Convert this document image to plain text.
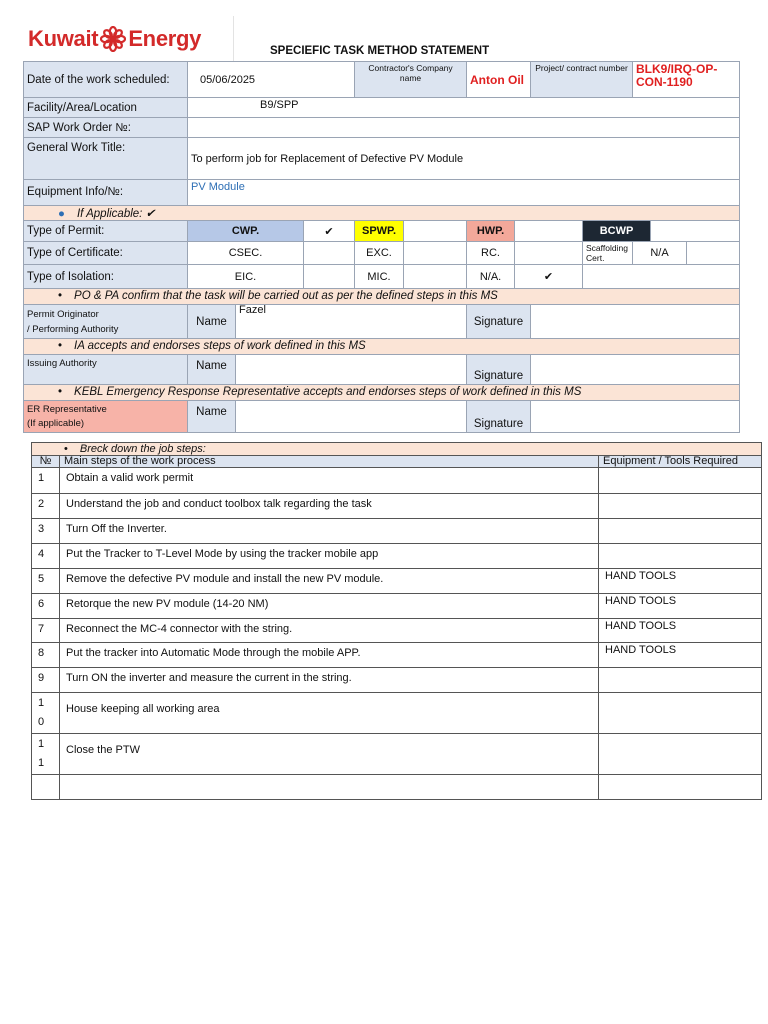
Kuwait Energy	SPECIEFIC TASK METHOD STATEMENT
Date of the work scheduled:	05/06/2025			Contractor's Company name		Anton Oil		Project/ contract number		BLK9/IRQ-OP-CON-1190		
Facility/Area/Location	B9/SPP											
SAP Work Order №:												
General Work Title:	To perform job for Replacement of Defective PV Module											
Equipment Info/№:	PV Module											
● If Applicable: ✔												
Type of Permit:	CWP.		✔	SPWP.		HWP.			BCWP			
Type of Certificate:	CSEC.			EXC.		RC.			Scaffolding Cert.	N/A		
Type of Isolation:	EIC.			MIC.		N/A.	✔					
• PO & PA confirm that the task will be carried out as per the defined steps in this MS												
Permit Originator
/ Performing Authority	Name	Fazel				Signature						
• IA accepts and endorses steps of work defined in this MS												
Issuing Authority	Name					Signature						
• KEBL Emergency Response Representative accepts and endorses steps of work defined in this MS												
ER Representative
(If applicable)	Name					Signature						
• Breck down the job steps:		
№	Main steps of the work process	Equipment / Tools Required
1	Obtain a valid work permit	
2	Understand the job and conduct toolbox talk regarding the task	
3	Turn Off the Inverter.	
4	Put the Tracker to T-Level Mode by using the tracker mobile app	
5	Remove the defective PV module and install the new PV module.	HAND TOOLS
6	Retorque the new PV module (14-20 NM)	HAND TOOLS
7	Reconnect the MC-4 connector with the string.	HAND TOOLS
8	Put the tracker into Automatic Mode through the mobile APP.	HAND TOOLS
9	Turn ON the inverter and measure the current in the string.	
10	House keeping all working area	
11	Close the PTW	
